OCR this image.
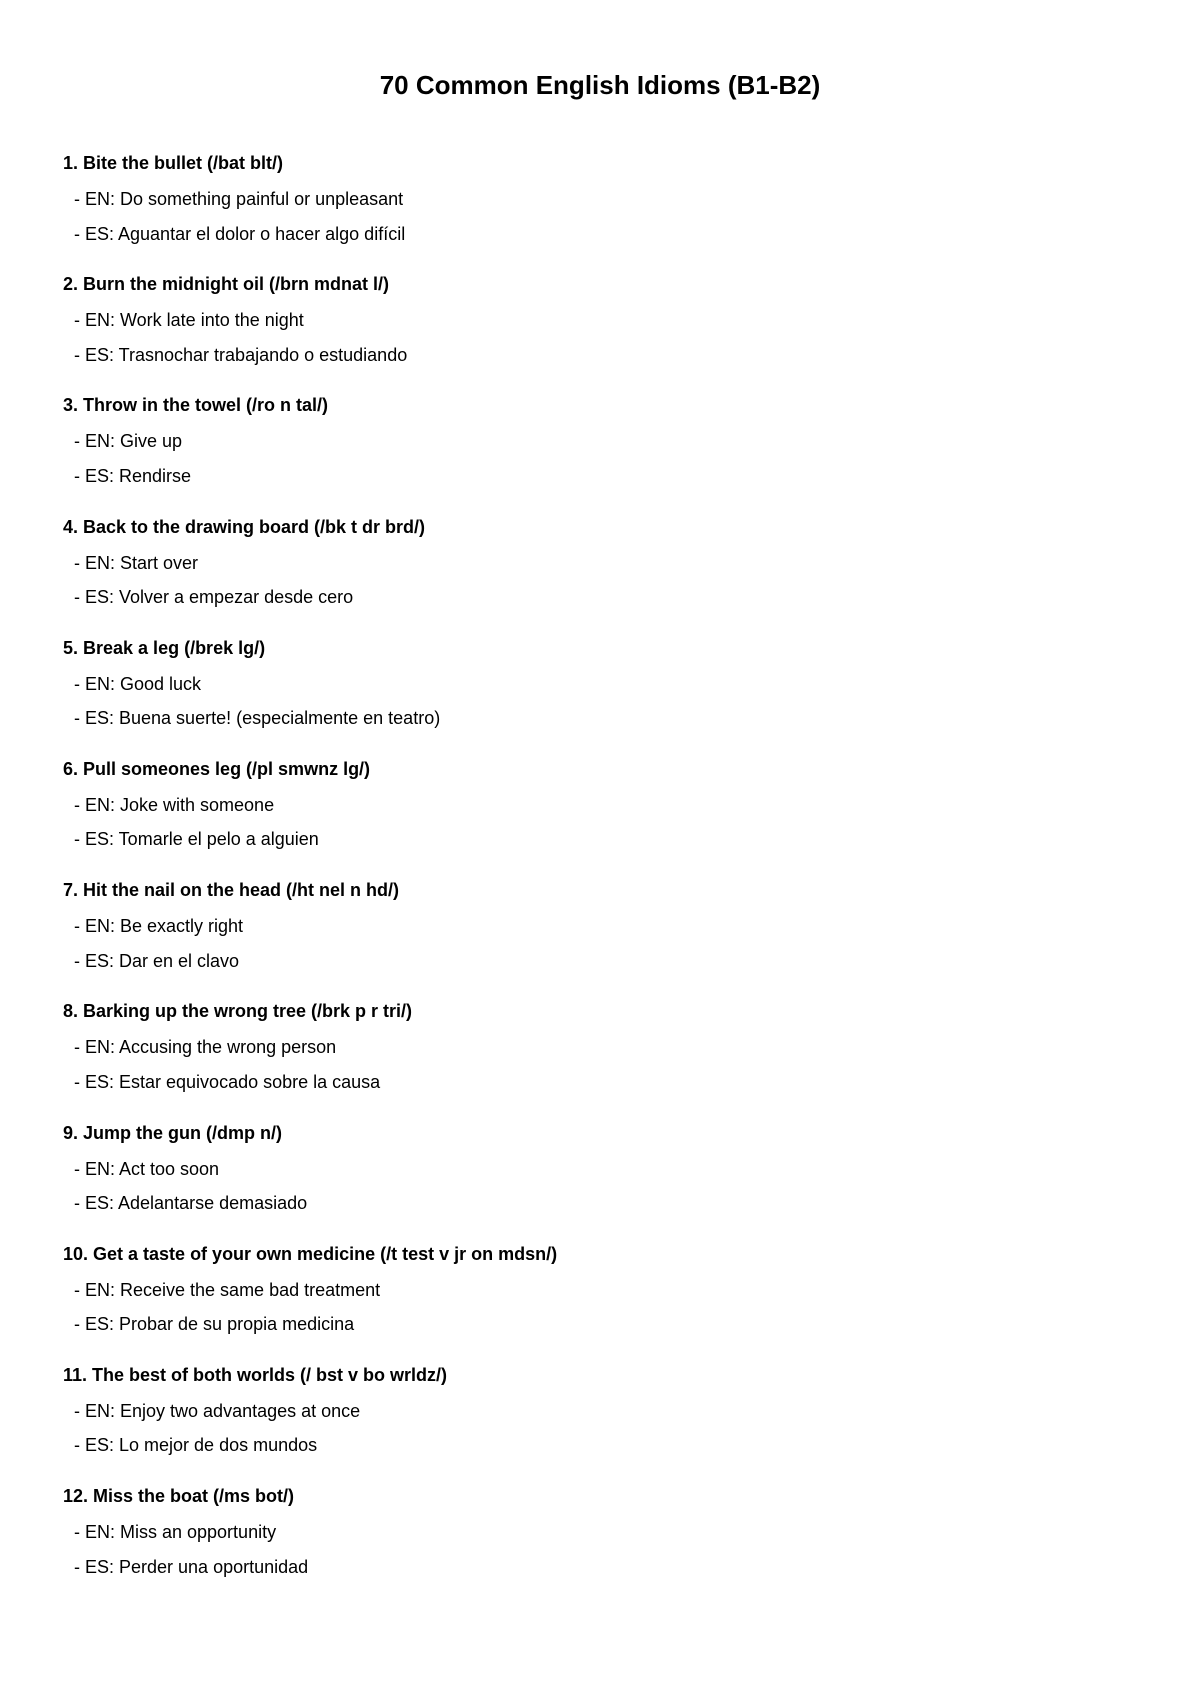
70 Common English Idioms (B1-B2)
1. Bite the bullet (/bat blt/)
- EN: Do something painful or unpleasant
- ES: Aguantar el dolor o hacer algo difícil
2. Burn the midnight oil (/brn mdnat l/)
- EN: Work late into the night
- ES: Trasnochar trabajando o estudiando
3. Throw in the towel (/ro n tal/)
- EN: Give up
- ES: Rendirse
4. Back to the drawing board (/bk t dr brd/)
- EN: Start over
- ES: Volver a empezar desde cero
5. Break a leg (/brek lg/)
- EN: Good luck
- ES: Buena suerte! (especialmente en teatro)
6. Pull someones leg (/pl smwnz lg/)
- EN: Joke with someone
- ES: Tomarle el pelo a alguien
7. Hit the nail on the head (/ht nel n hd/)
- EN: Be exactly right
- ES: Dar en el clavo
8. Barking up the wrong tree (/brk p r tri/)
- EN: Accusing the wrong person
- ES: Estar equivocado sobre la causa
9. Jump the gun (/dmp n/)
- EN: Act too soon
- ES: Adelantarse demasiado
10. Get a taste of your own medicine (/t test v jr on mdsn/)
- EN: Receive the same bad treatment
- ES: Probar de su propia medicina
11. The best of both worlds (/ bst v bo wrldz/)
- EN: Enjoy two advantages at once
- ES: Lo mejor de dos mundos
12. Miss the boat (/ms bot/)
- EN: Miss an opportunity
- ES: Perder una oportunidad
